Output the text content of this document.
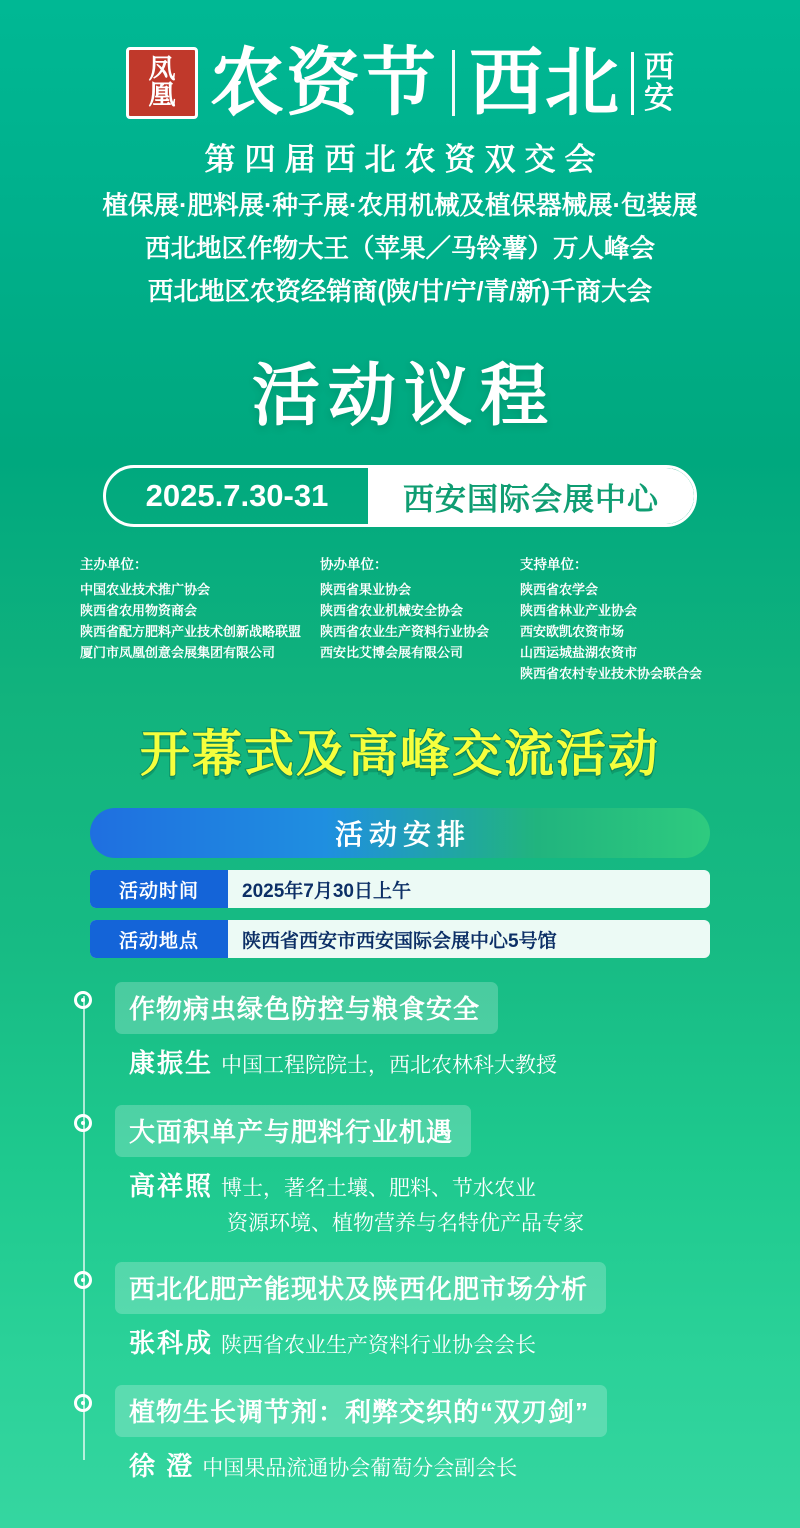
凤
凰 农资节 西北 西
安
第四届西北农资双交会
植保展·肥料展·种子展·农用机械及植保器械展·包装展
西北地区作物大王（苹果／马铃薯）万人峰会
西北地区农资经销商(陕/甘/宁/青/新)千商大会
活动议程
2025.7.30-31	西安国际会展中心
主办单位：
中国农业技术推广协会
陕西省农用物资商会
陕西省配方肥料产业技术创新战略联盟
厦门市凤凰创意会展集团有限公司
协办单位：
陕西省果业协会
陕西省农业机械安全协会
陕西省农业生产资料行业协会
西安比艾博会展有限公司
支持单位：
陕西省农学会
陕西省林业产业协会
西安欧凯农资市场
山西运城盐湖农资市
陕西省农村专业技术协会联合会
开幕式及高峰交流活动
活动安排
活动时间	2025年7月30日上午
活动地点	陕西省西安市西安国际会展中心5号馆
作物病虫绿色防控与粮食安全
康振生 中国工程院院士，西北农林科大教授
大面积单产与肥料行业机遇
高祥照 博士，著名土壤、肥料、节水农业
资源环境、植物营养与名特优产品专家
西北化肥产能现状及陕西化肥市场分析
张科成 陕西省农业生产资料行业协会会长
植物生长调节剂：利弊交织的“双刃剑”
徐 澄 中国果品流通协会葡萄分会副会长
